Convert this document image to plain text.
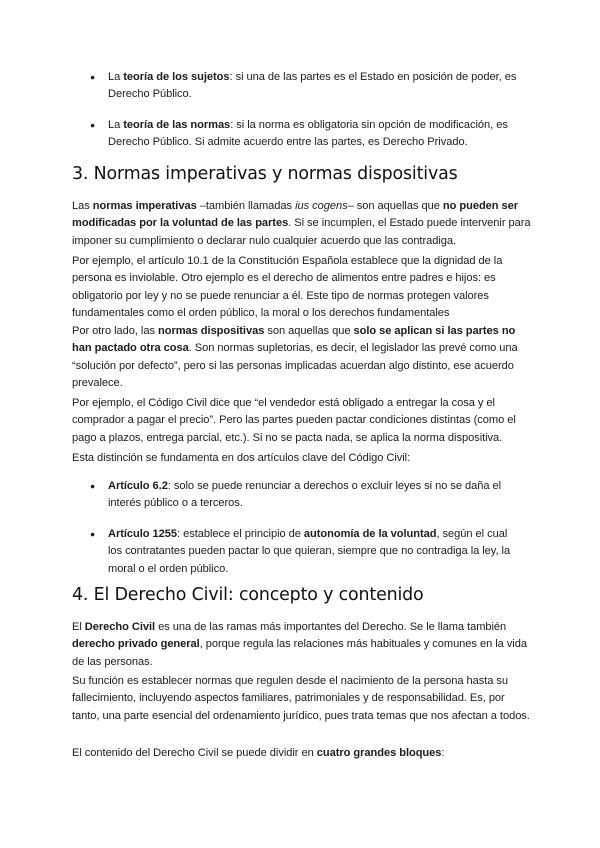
● La teoría de los sujetos: si una de las partes es el Estado en posición de poder, es Derecho Público.
● La teoría de las normas: si la norma es obligatoria sin opción de modificación, es Derecho Público. Si admite acuerdo entre las partes, es Derecho Privado.
3. Normas imperativas y normas dispositivas

Las normas imperativas –también llamadas ius cogens– son aquellas que no pueden ser modificadas por la voluntad de las partes. Si se incumplen, el Estado puede intervenir para imponer su cumplimiento o declarar nulo cualquier acuerdo que las contradiga.

Por ejemplo, el artículo 10.1 de la Constitución Española establece que la dignidad de la persona es inviolable. Otro ejemplo es el derecho de alimentos entre padres e hijos: es obligatorio por ley y no se puede renunciar a él. Este tipo de normas protegen valores fundamentales como el orden público, la moral o los derechos fundamentales

Por otro lado, las normas dispositivas son aquellas que solo se aplican si las partes no han pactado otra cosa. Son normas supletorias, es decir, el legislador las prevé como una “solución por defecto”, pero si las personas implicadas acuerdan algo distinto, ese acuerdo prevalece.

Por ejemplo, el Código Civil dice que “el vendedor está obligado a entregar la cosa y el comprador a pagar el precio”. Pero las partes pueden pactar condiciones distintas (como el pago a plazos, entrega parcial, etc.). Si no se pacta nada, se aplica la norma dispositiva.

Esta distinción se fundamenta en dos artículos clave del Código Civil:

● Artículo 6.2: solo se puede renunciar a derechos o excluir leyes si no se daña el interés público o a terceros.
● Artículo 1255: establece el principio de autonomía de la voluntad, según el cual los contratantes pueden pactar lo que quieran, siempre que no contradiga la ley, la moral o el orden público.
4. El Derecho Civil: concepto y contenido

El Derecho Civil es una de las ramas más importantes del Derecho. Se le llama también derecho privado general, porque regula las relaciones más habituales y comunes en la vida de las personas.

Su función es establecer normas que regulen desde el nacimiento de la persona hasta su fallecimiento, incluyendo aspectos familiares, patrimoniales y de responsabilidad. Es, por tanto, una parte esencial del ordenamiento jurídico, pues trata temas que nos afectan a todos.

El contenido del Derecho Civil se puede dividir en cuatro grandes bloques:
